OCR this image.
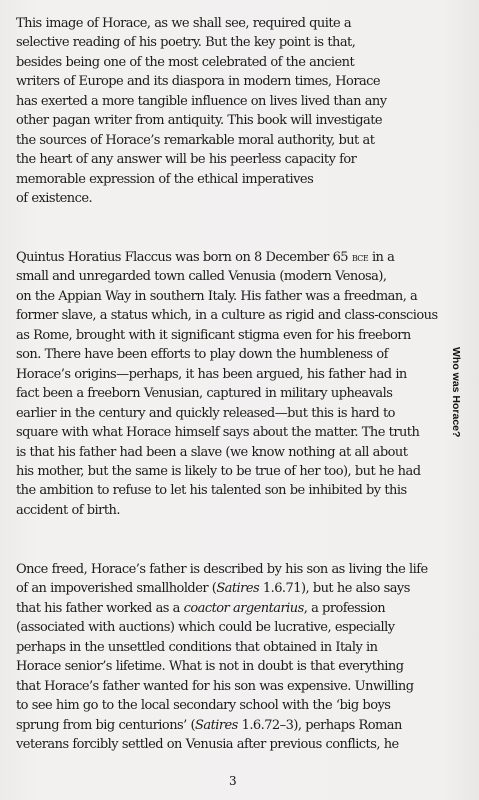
This image of Horace, as we shall see, required quite a
selective reading of his poetry. But the key point is that,
besides being one of the most celebrated of the ancient
writers of Europe and its diaspora in modern times, Horace
has exerted a more tangible influence on lives lived than any
other pagan writer from antiquity. This book will investigate
the sources of Horace’s remarkable moral authority, but at
the heart of any answer will be his peerless capacity for
memorable expression of the ethical imperatives
of existence.
Quintus Horatius Flaccus was born on 8 December 65 bce in a
small and unregarded town called Venusia (modern Venosa),
on the Appian Way in southern Italy. His father was a freedman, a
former slave, a status which, in a culture as rigid and class-conscious
as Rome, brought with it significant stigma even for his freeborn
son. There have been efforts to play down the humbleness of
Horace’s origins—perhaps, it has been argued, his father had in
fact been a freeborn Venusian, captured in military upheavals
earlier in the century and quickly released—but this is hard to
square with what Horace himself says about the matter. The truth
is that his father had been a slave (we know nothing at all about
his mother, but the same is likely to be true of her too), but he had
the ambition to refuse to let his talented son be inhibited by this
accident of birth.
Once freed, Horace’s father is described by his son as living the life
of an impoverished smallholder (Satires 1.6.71), but he also says
that his father worked as a coactor argentarius, a profession
(associated with auctions) which could be lucrative, especially
perhaps in the unsettled conditions that obtained in Italy in
Horace senior’s lifetime. What is not in doubt is that everything
that Horace’s father wanted for his son was expensive. Unwilling
to see him go to the local secondary school with the ‘big boys
sprung from big centurions’ (Satires 1.6.72–3), perhaps Roman
veterans forcibly settled on Venusia after previous conflicts, he
Who was Horace?
3
